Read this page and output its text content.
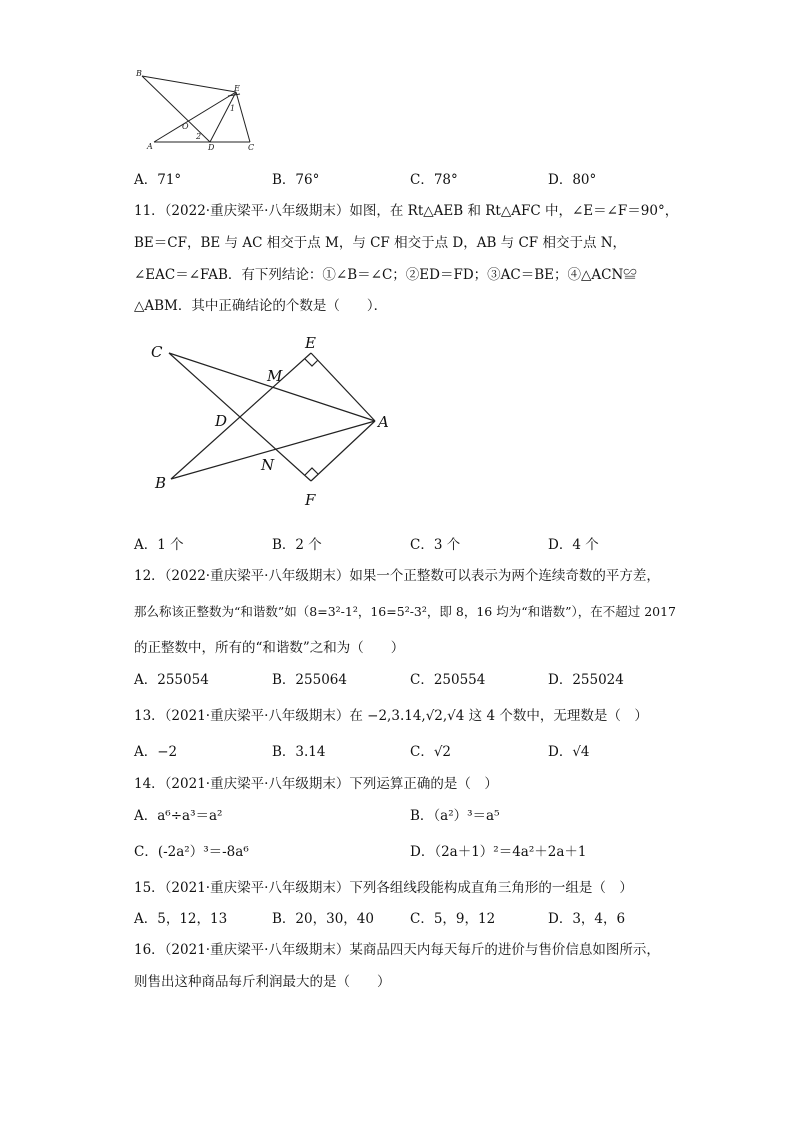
B
E
O
1
2
A	D	C
A．71°	B．76°	C．78°	D．80°
11．（2022·重庆梁平·八年级期末）如图，在 Rt△AEB 和 Rt△AFC 中，∠E＝∠F＝90°，
BE＝CF，BE 与 AC 相交于点 M，与 CF 相交于点 D，AB 与 CF 相交于点 N，
∠EAC＝∠FAB．有下列结论：①∠B＝∠C；②ED＝FD；③AC＝BE；④△ACN≌
△ABM．其中正确结论的个数是（　　）．
C	E
M
D	A
B
N
F
A．1 个	B．2 个	C．3 个	D．4 个
12．（2022·重庆梁平·八年级期末）如果一个正整数可以表示为两个连续奇数的平方差，
那么称该正整数为“和谐数”如（8=3²-1²，16=5²-3²，即 8，16 均为“和谐数”），在不超过 2017
的正整数中，所有的“和谐数”之和为（　　）
A．255054	B．255064	C．250554	D．255024
13．（2021·重庆梁平·八年级期末）在 −2,3.14,√2,√4 这 4 个数中，无理数是（　）
A．−2	B．3.14	C．√2	D．√4
14．（2021·重庆梁平·八年级期末）下列运算正确的是（　）
A．a⁶÷a³＝a²	B．（a²）³＝a⁵
C．(-2a²）³＝-8a⁶	D．（2a＋1）²＝4a²＋2a＋1
15．（2021·重庆梁平·八年级期末）下列各组线段能构成直角三角形的一组是（　）
A．5，12，13	B．20，30，40	C．5，9，12	D．3，4，6
16．（2021·重庆梁平·八年级期末）某商品四天内每天每斤的进价与售价信息如图所示，
则售出这种商品每斤利润最大的是（　　）
